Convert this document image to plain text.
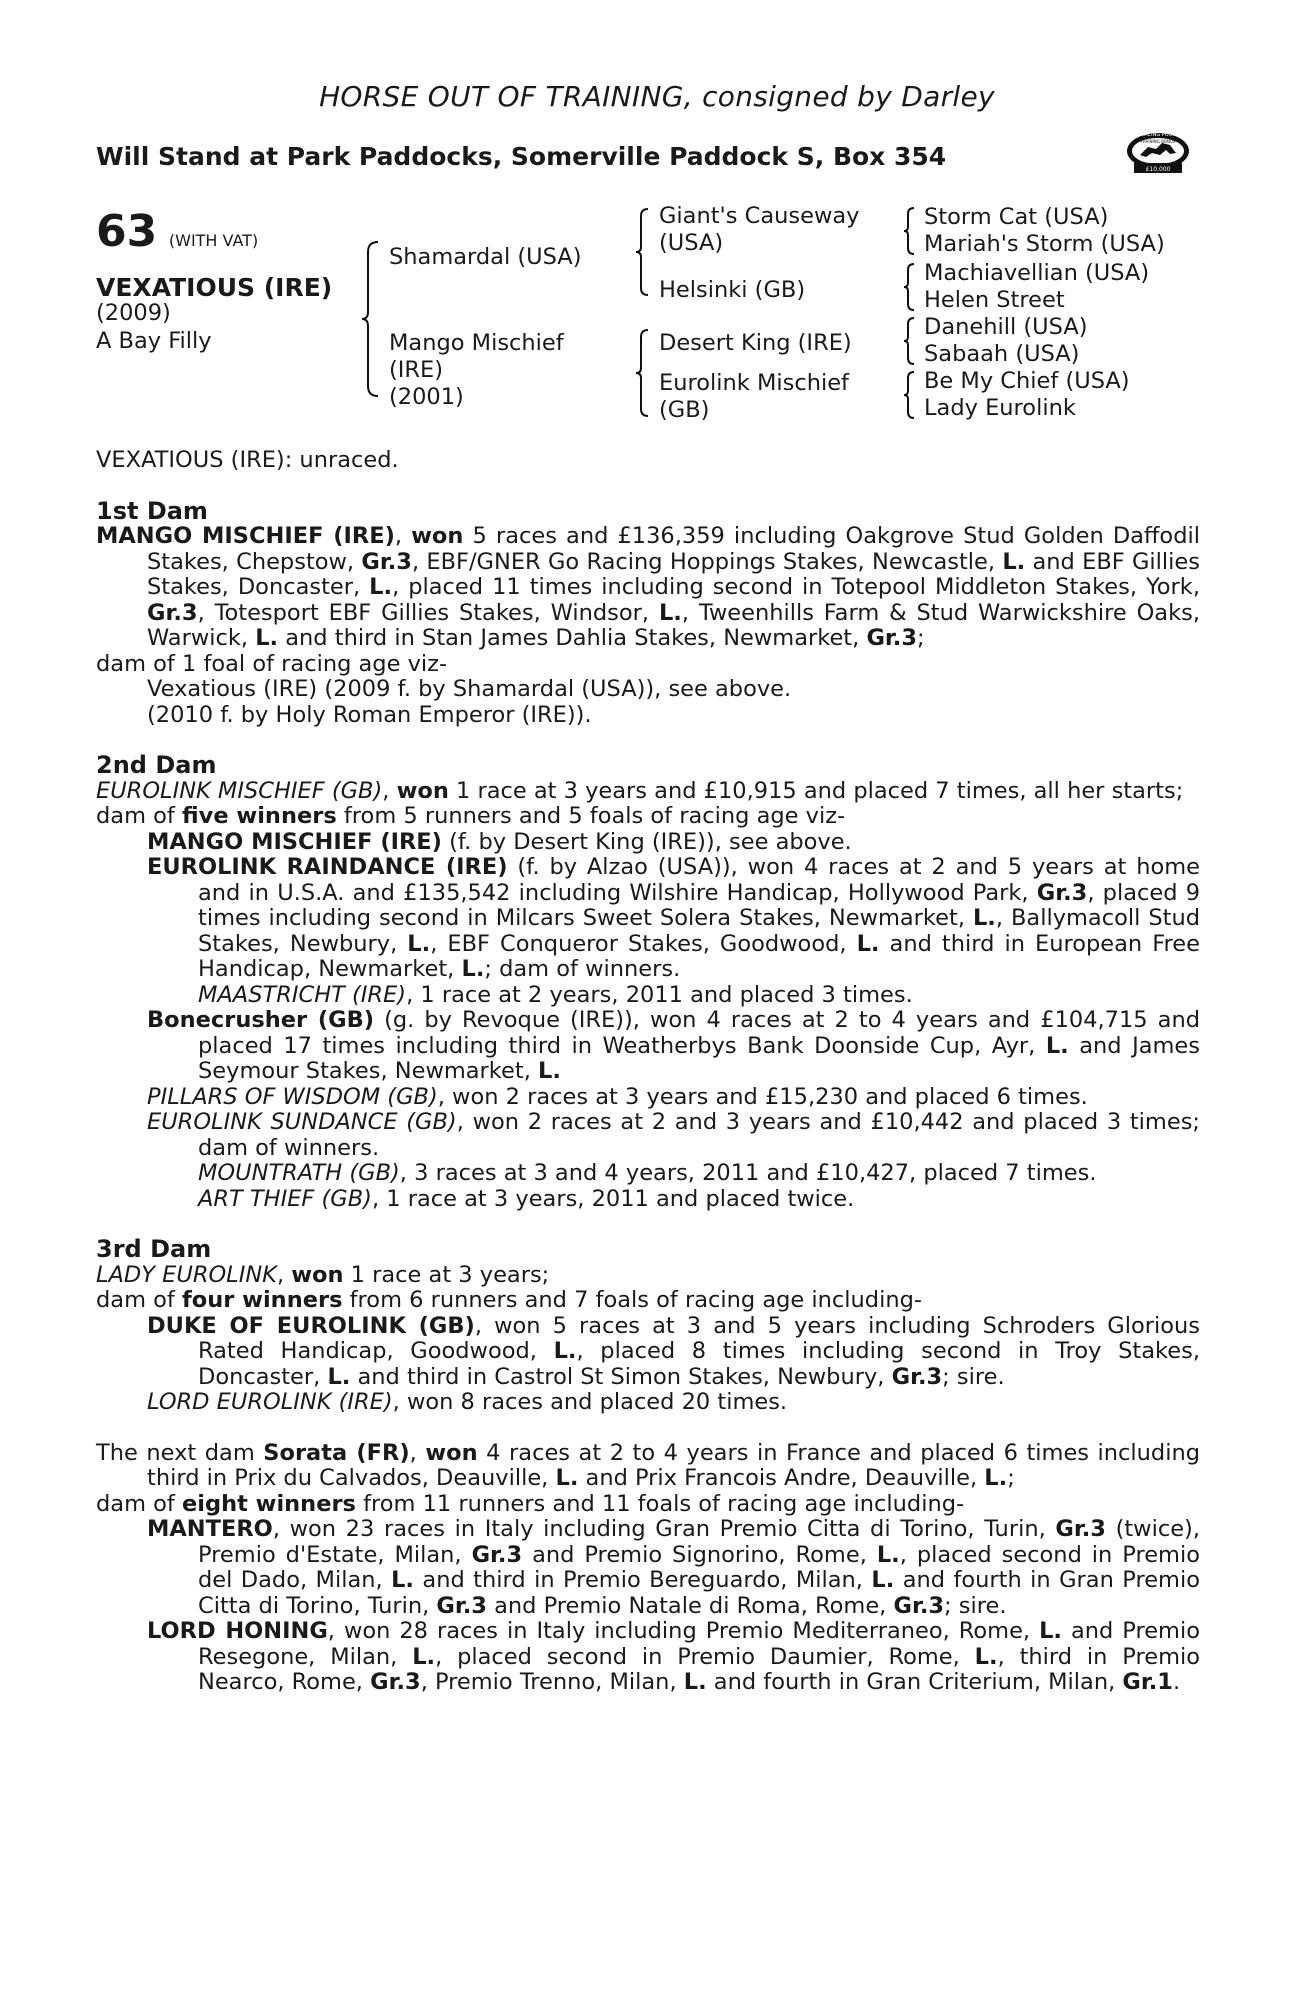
HORSE OUT OF TRAINING, consigned by Darley
Will Stand at Park Paddocks, Somerville Paddock S, Box 354
RACING POST
TRAINING BONUS
£10,000
63 (WITH VAT)
VEXATIOUS (IRE)
(2009)
A Bay Filly
Shamardal (USA)
Mango Mischief
(IRE)
(2001)
Giant's Causeway
(USA)
Helsinki (GB)
Desert King (IRE)
Eurolink Mischief
(GB)
Storm Cat (USA)
Mariah's Storm (USA)
Machiavellian (USA)
Helen Street
Danehill (USA)
Sabaah (USA)
Be My Chief (USA)
Lady Eurolink

VEXATIOUS (IRE): unraced.

1st Dam

MANGO MISCHIEF (IRE), won 5 races and £136,359 including Oakgrove Stud Golden Daffodil Stakes, Chepstow, Gr.3, EBF/GNER Go Racing Hoppings Stakes, Newcastle, L. and EBF Gillies Stakes, Doncaster, L., placed 11 times including second in Totepool Middleton Stakes, York, Gr.3, Totesport EBF Gillies Stakes, Windsor, L., Tweenhills Farm & Stud Warwickshire Oaks, Warwick, L. and third in Stan James Dahlia Stakes, Newmarket, Gr.3;

dam of 1 foal of racing age viz-

Vexatious (IRE) (2009 f. by Shamardal (USA)), see above.

(2010 f. by Holy Roman Emperor (IRE)).

2nd Dam

EUROLINK MISCHIEF (GB), won 1 race at 3 years and £10,915 and placed 7 times, all her starts;

dam of five winners from 5 runners and 5 foals of racing age viz-

MANGO MISCHIEF (IRE) (f. by Desert King (IRE)), see above.

EUROLINK RAINDANCE (IRE) (f. by Alzao (USA)), won 4 races at 2 and 5 years at home and in U.S.A. and £135,542 including Wilshire Handicap, Hollywood Park, Gr.3, placed 9 times including second in Milcars Sweet Solera Stakes, Newmarket, L., Ballymacoll Stud Stakes, Newbury, L., EBF Conqueror Stakes, Goodwood, L. and third in European Free Handicap, Newmarket, L.; dam of winners.

MAASTRICHT (IRE), 1 race at 2 years, 2011 and placed 3 times.

Bonecrusher (GB) (g. by Revoque (IRE)), won 4 races at 2 to 4 years and £104,715 and placed 17 times including third in Weatherbys Bank Doonside Cup, Ayr, L. and James Seymour Stakes, Newmarket, L.

PILLARS OF WISDOM (GB), won 2 races at 3 years and £15,230 and placed 6 times.

EUROLINK SUNDANCE (GB), won 2 races at 2 and 3 years and £10,442 and placed 3 times; dam of winners.

MOUNTRATH (GB), 3 races at 3 and 4 years, 2011 and £10,427, placed 7 times.

ART THIEF (GB), 1 race at 3 years, 2011 and placed twice.

3rd Dam

LADY EUROLINK, won 1 race at 3 years;

dam of four winners from 6 runners and 7 foals of racing age including-

DUKE OF EUROLINK (GB), won 5 races at 3 and 5 years including Schroders Glorious Rated Handicap, Goodwood, L., placed 8 times including second in Troy Stakes, Doncaster, L. and third in Castrol St Simon Stakes, Newbury, Gr.3; sire.

LORD EUROLINK (IRE), won 8 races and placed 20 times.

The next dam Sorata (FR), won 4 races at 2 to 4 years in France and placed 6 times including third in Prix du Calvados, Deauville, L. and Prix Francois Andre, Deauville, L.;

dam of eight winners from 11 runners and 11 foals of racing age including-

MANTERO, won 23 races in Italy including Gran Premio Citta di Torino, Turin, Gr.3 (twice), Premio d'Estate, Milan, Gr.3 and Premio Signorino, Rome, L., placed second in Premio del Dado, Milan, L. and third in Premio Bereguardo, Milan, L. and fourth in Gran Premio Citta di Torino, Turin, Gr.3 and Premio Natale di Roma, Rome, Gr.3; sire.

LORD HONING, won 28 races in Italy including Premio Mediterraneo, Rome, L. and Premio Resegone, Milan, L., placed second in Premio Daumier, Rome, L., third in Premio Nearco, Rome, Gr.3, Premio Trenno, Milan, L. and fourth in Gran Criterium, Milan, Gr.1.
